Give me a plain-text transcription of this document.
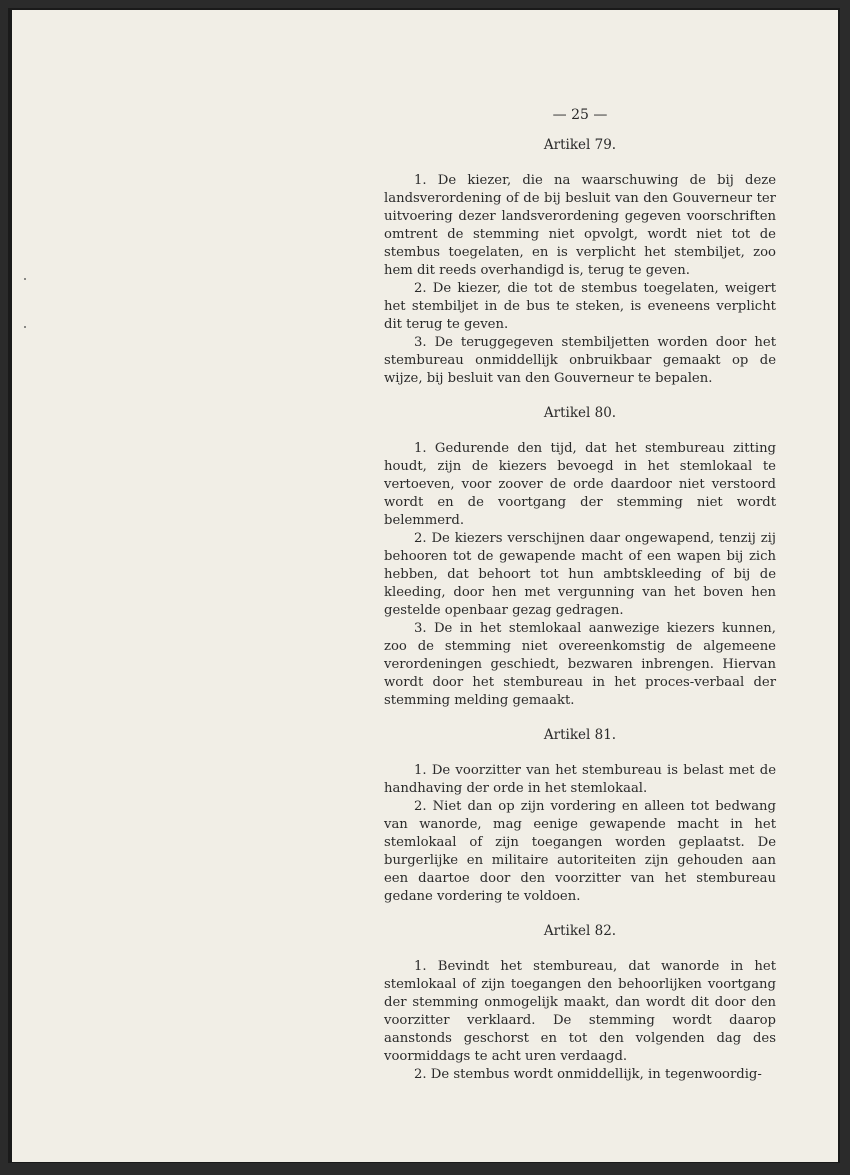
— 25 —
Artikel 79.

1. De kiezer, die na waarschuwing de bij deze landsverordening of de bij besluit van den Gouverneur ter uitvoering dezer landsverordening gegeven voorschriften omtrent de stemming niet opvolgt, wordt niet tot de stembus toegelaten, en is verplicht het stembiljet, zoo hem dit reeds overhandigd is, terug te geven.

2. De kiezer, die tot de stembus toegelaten, weigert het stembiljet in de bus te steken, is eveneens verplicht dit terug te geven.

3. De teruggegeven stembiljetten worden door het stembureau onmiddellijk onbruikbaar gemaakt op de wijze, bij besluit van den Gouverneur te bepalen.

Artikel 80.

1. Gedurende den tijd, dat het stembureau zitting houdt, zijn de kiezers bevoegd in het stemlokaal te vertoeven, voor zoover de orde daardoor niet verstoord wordt en de voortgang der stemming niet wordt belemmerd.

2. De kiezers verschijnen daar ongewapend, tenzij zij behooren tot de gewapende macht of een wapen bij zich hebben, dat behoort tot hun ambtskleeding of bij de kleeding, door hen met vergunning van het boven hen gestelde openbaar gezag gedragen.

3. De in het stemlokaal aanwezige kiezers kunnen, zoo de stemming niet overeenkomstig de algemeene verordeningen geschiedt, bezwaren inbrengen. Hiervan wordt door het stembureau in het proces-verbaal der stemming melding gemaakt.

Artikel 81.

1. De voorzitter van het stembureau is belast met de handhaving der orde in het stemlokaal.

2. Niet dan op zijn vordering en alleen tot bedwang van wanorde, mag eenige gewapende macht in het stemlokaal of zijn toegangen worden geplaatst. De burgerlijke en militaire autoriteiten zijn gehouden aan een daartoe door den voorzitter van het stembureau gedane vordering te voldoen.

Artikel 82.

1. Bevindt het stembureau, dat wanorde in het stemlokaal of zijn toegangen den behoorlijken voortgang der stemming onmogelijk maakt, dan wordt dit door den voorzitter verklaard. De stemming wordt daarop aanstonds geschorst en tot den volgenden dag des voormiddags te acht uren verdaagd.

2. De stembus wordt onmiddellijk, in tegenwoordig-
